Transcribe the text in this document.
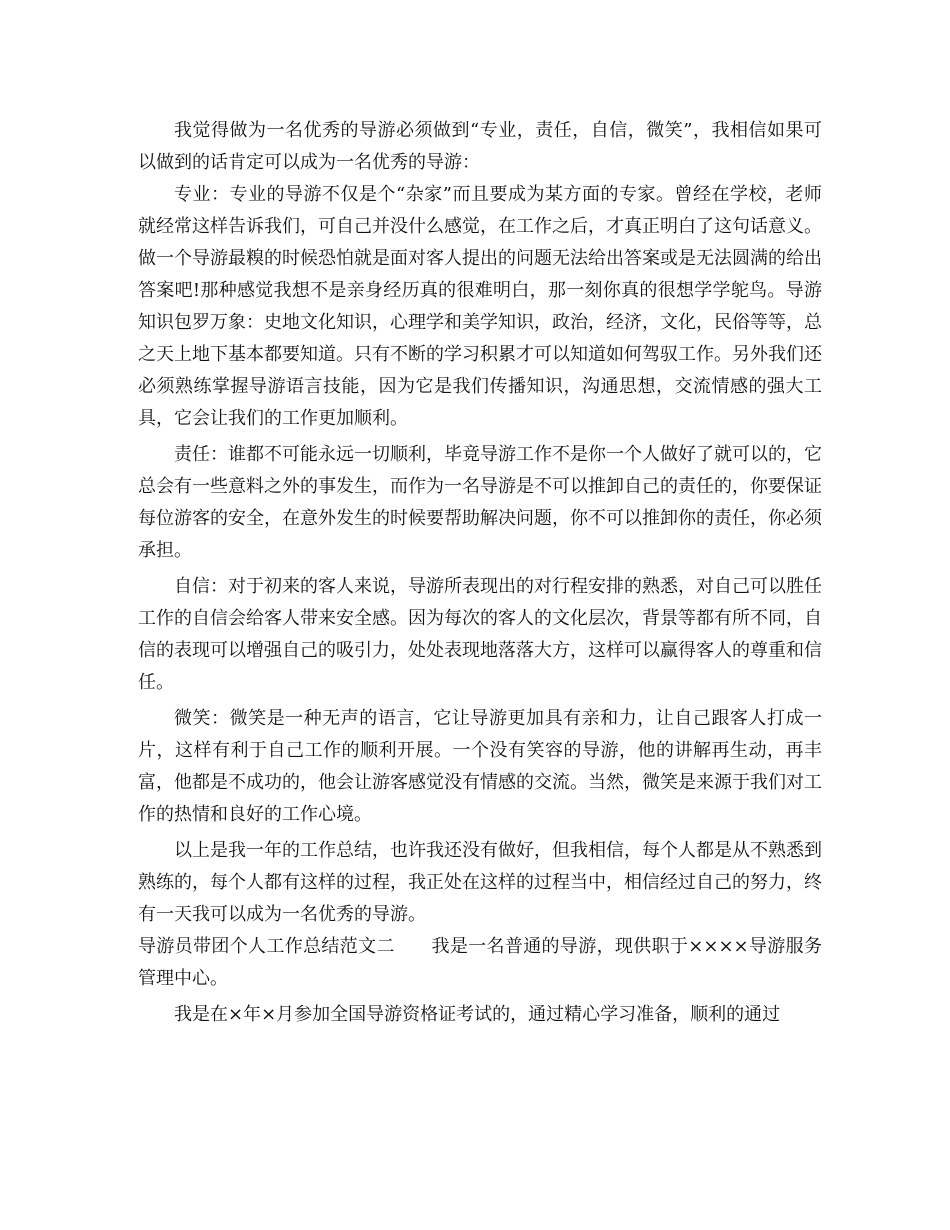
我觉得做为一名优秀的导游必须做到“专业，责任，自信，微笑”，我相信如果可以做到的话肯定可以成为一名优秀的导游：

专业：专业的导游不仅是个“杂家”而且要成为某方面的专家。曾经在学校，老师就经常这样告诉我们，可自己并没什么感觉，在工作之后，才真正明白了这句话意义。做一个导游最糗的时候恐怕就是面对客人提出的问题无法给出答案或是无法圆满的给出答案吧!那种感觉我想不是亲身经历真的很难明白，那一刻你真的很想学学鸵鸟。导游知识包罗万象：史地文化知识，心理学和美学知识，政治，经济，文化，民俗等等，总之天上地下基本都要知道。只有不断的学习积累才可以知道如何驾驭工作。另外我们还必须熟练掌握导游语言技能，因为它是我们传播知识，沟通思想，交流情感的强大工具，它会让我们的工作更加顺利。

责任：谁都不可能永远一切顺利，毕竟导游工作不是你一个人做好了就可以的，它总会有一些意料之外的事发生，而作为一名导游是不可以推卸自己的责任的，你要保证每位游客的安全，在意外发生的时候要帮助解决问题，你不可以推卸你的责任，你必须承担。

自信：对于初来的客人来说，导游所表现出的对行程安排的熟悉，对自己可以胜任工作的自信会给客人带来安全感。因为每次的客人的文化层次，背景等都有所不同，自信的表现可以增强自己的吸引力，处处表现地落落大方，这样可以赢得客人的尊重和信任。

微笑：微笑是一种无声的语言，它让导游更加具有亲和力，让自己跟客人打成一片，这样有利于自己工作的顺利开展。一个没有笑容的导游，他的讲解再生动，再丰富，他都是不成功的，他会让游客感觉没有情感的交流。当然，微笑是来源于我们对工作的热情和良好的工作心境。

以上是我一年的工作总结，也许我还没有做好，但我相信，每个人都是从不熟悉到熟练的，每个人都有这样的过程，我正处在这样的过程当中，相信经过自己的努力，终有一天我可以成为一名优秀的导游。

导游员带团个人工作总结范文二　　我是一名普通的导游，现供职于××××导游服务管理中心。

我是在×年×月参加全国导游资格证考试的，通过精心学习准备，顺利的通过
